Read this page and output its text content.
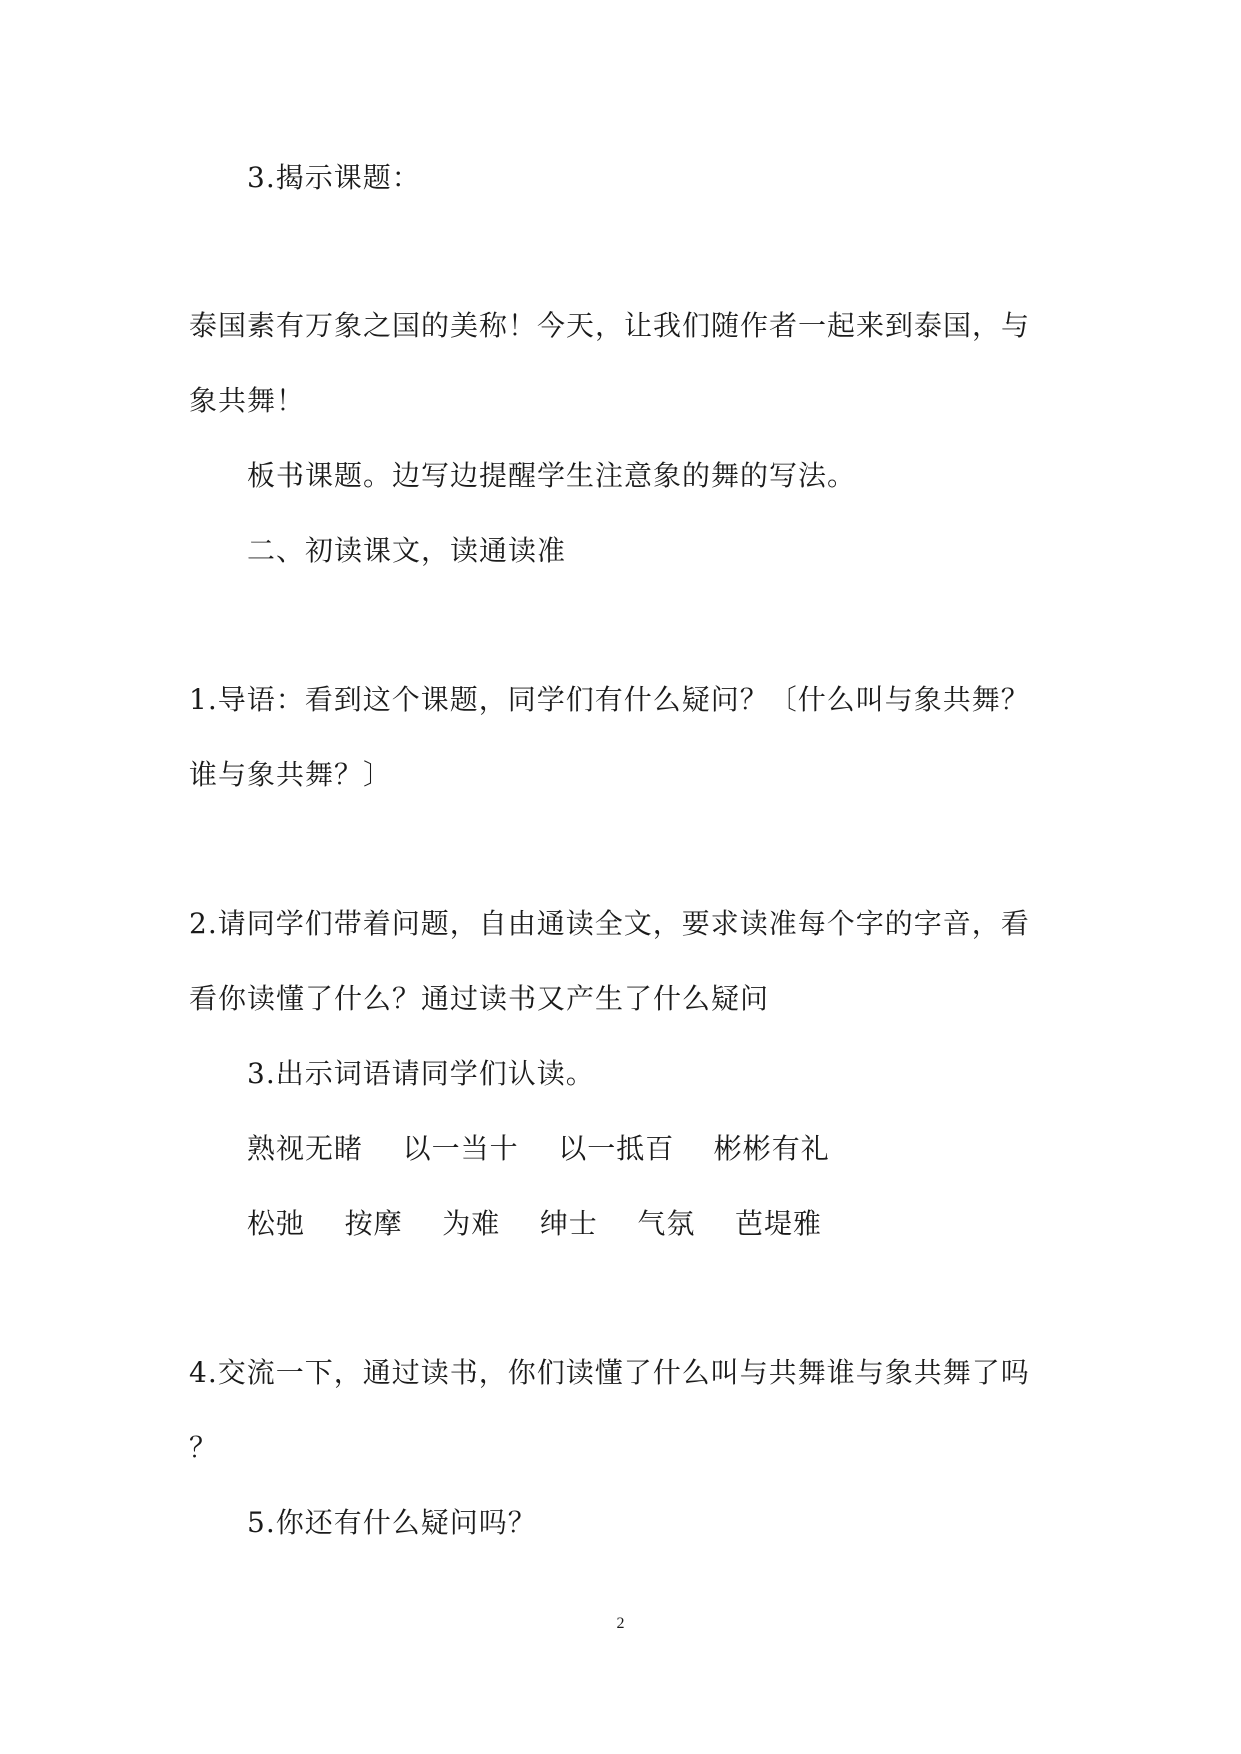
3.揭示课题：
泰国素有万象之国的美称！今天，让我们随作者一起来到泰国，与
象共舞！
板书课题。边写边提醒学生注意象的舞的写法。
二、初读课文，读通读准
1.导语：看到这个课题，同学们有什么疑问？〔什么叫与象共舞？
谁与象共舞？〕
2.请同学们带着问题，自由通读全文，要求读准每个字的字音，看
看你读懂了什么？通过读书又产生了什么疑问
3.出示词语请同学们认读。
熟视无睹    以一当十    以一抵百    彬彬有礼
松弛    按摩    为难    绅士    气氛    芭堤雅
4.交流一下，通过读书，你们读懂了什么叫与共舞谁与象共舞了吗
？
5.你还有什么疑问吗？
2
